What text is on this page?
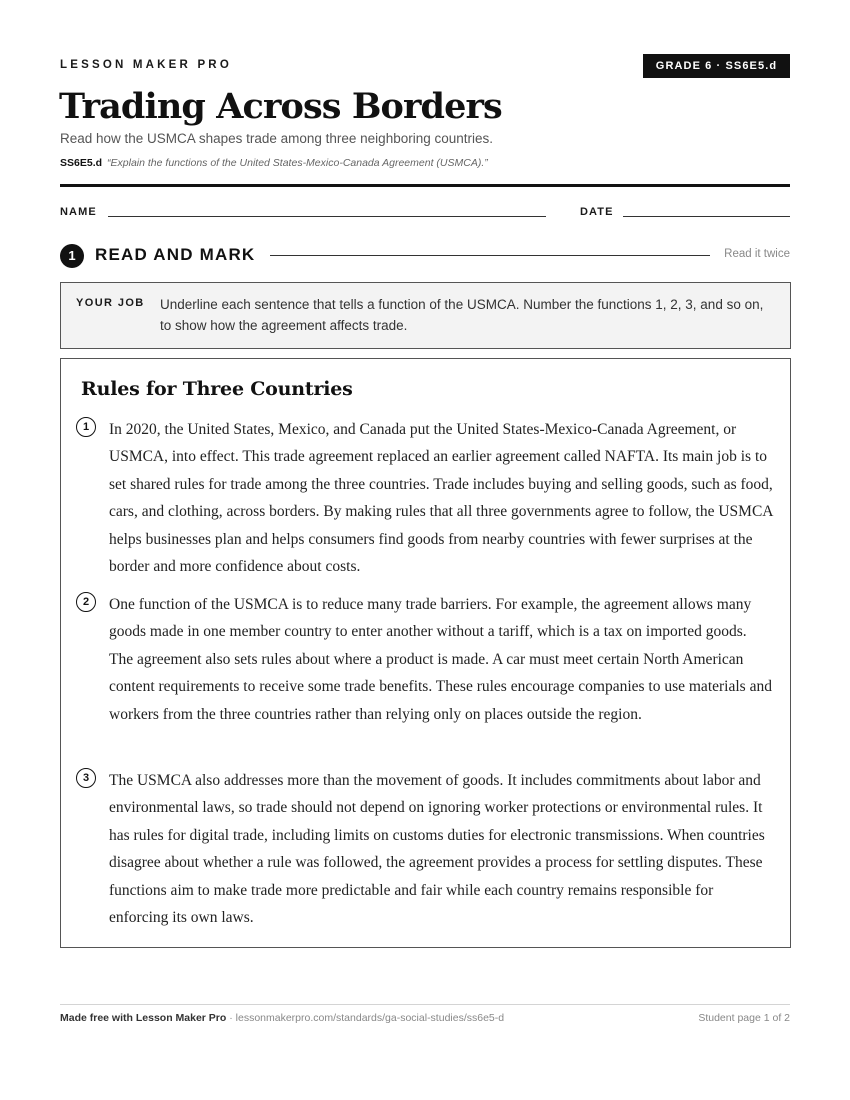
LESSON MAKER PRO	GRADE 6 · SS6E5.d
Trading Across Borders
Read how the USMCA shapes trade among three neighboring countries.
SS6E5.d “Explain the functions of the United States-Mexico-Canada Agreement (USMCA).”
NAME	DATE
1	READ AND MARK	Read it twice
YOUR JOB Underline each sentence that tells a function of the USMCA. Number the functions 1, 2, 3, and so on, to show how the agreement affects trade.
Rules for Three Countries
1	In 2020, the United States, Mexico, and Canada put the United States-Mexico-Canada Agreement, or USMCA, into effect. This trade agreement replaced an earlier agreement called NAFTA. Its main job is to set shared rules for trade among the three countries. Trade includes buying and selling goods, such as food, cars, and clothing, across borders. By making rules that all three governments agree to follow, the USMCA helps businesses plan and helps consumers find goods from nearby countries with fewer surprises at the border and more confidence about costs.
2	One function of the USMCA is to reduce many trade barriers. For example, the agreement allows many goods made in one member country to enter another without a tariff, which is a tax on imported goods. The agreement also sets rules about where a product is made. A car must meet certain North American content requirements to receive some trade benefits. These rules encourage companies to use materials and workers from the three countries rather than relying only on places outside the region.
3	The USMCA also addresses more than the movement of goods. It includes commitments about labor and environmental laws, so trade should not depend on ignoring worker protections or environmental rules. It has rules for digital trade, including limits on customs duties for electronic transmissions. When countries disagree about whether a rule was followed, the agreement provides a process for settling disputes. These functions aim to make trade more predictable and fair while each country remains responsible for enforcing its own laws.
Made free with Lesson Maker Pro · lessonmakerpro.com/standards/ga-social-studies/ss6e5-d	Student page 1 of 2
